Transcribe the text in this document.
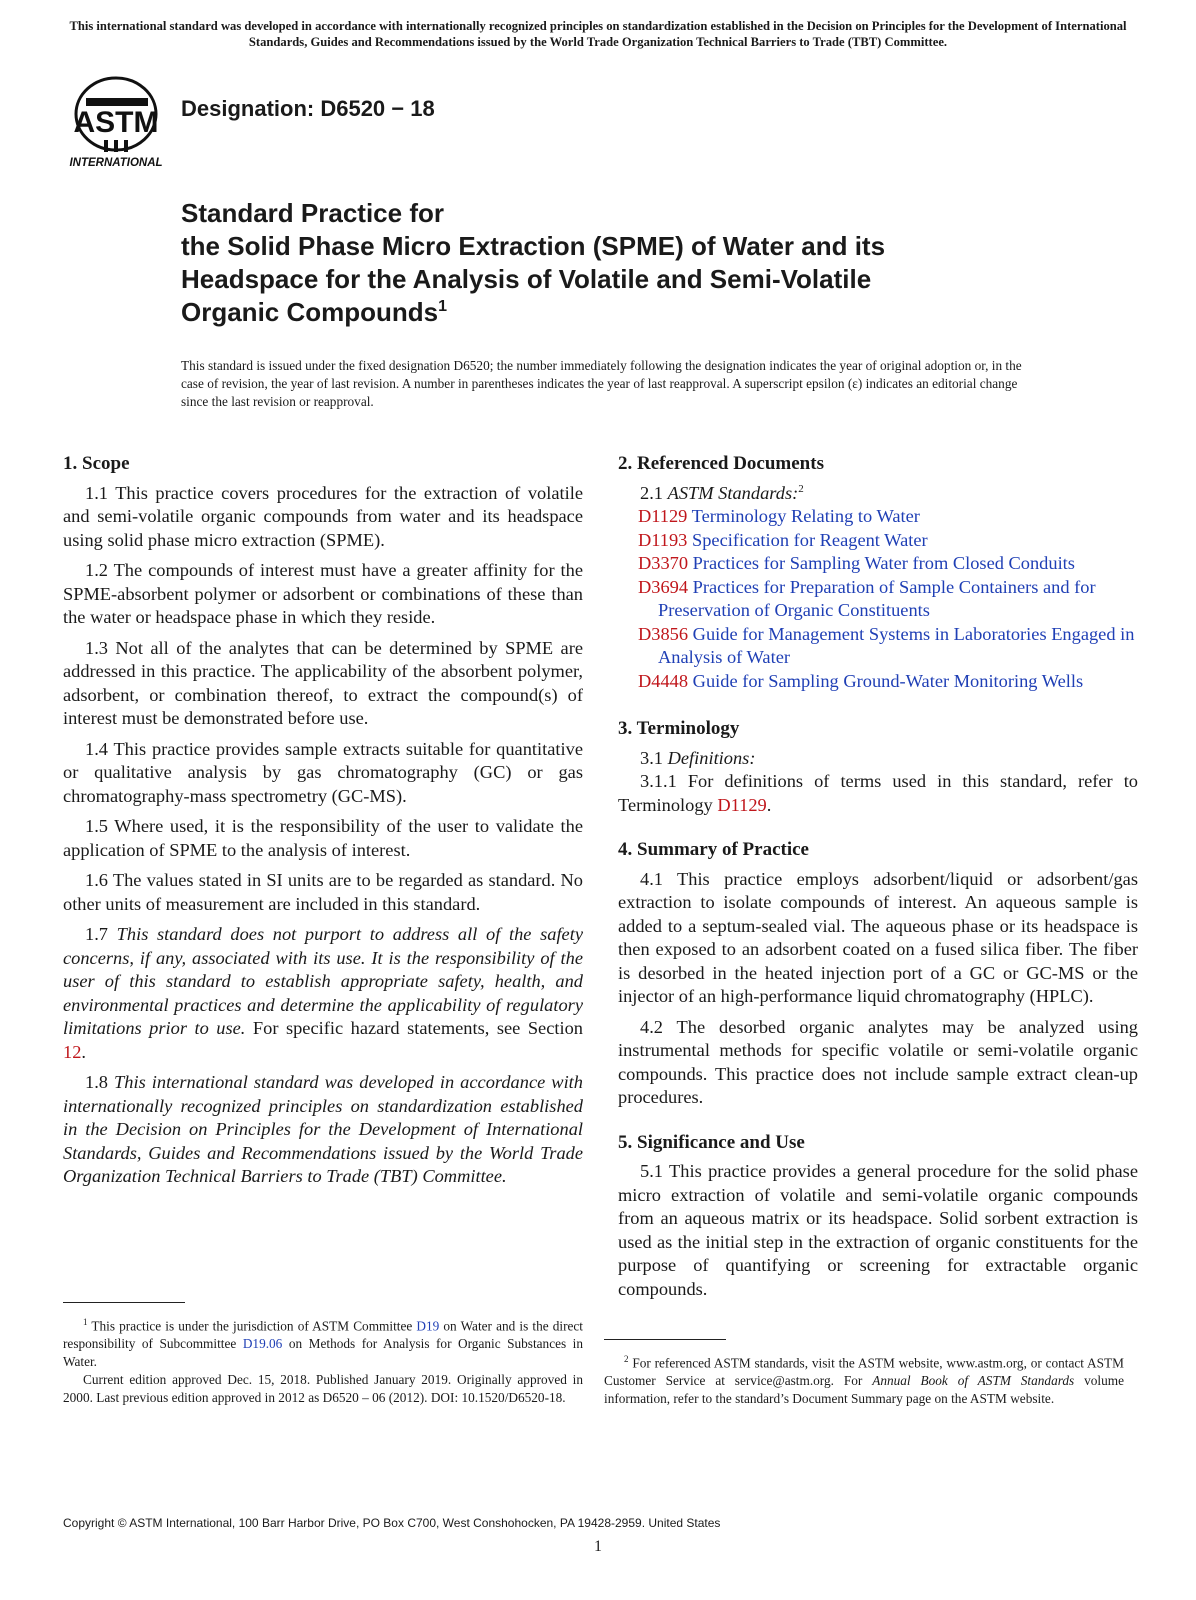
This international standard was developed in accordance with internationally recognized principles on standardization established in the Decision on Principles for the Development of International Standards, Guides and Recommendations issued by the World Trade Organization Technical Barriers to Trade (TBT) Committee.
ASTM
INTERNATIONAL
Designation: D6520 − 18
Standard Practice for
the Solid Phase Micro Extraction (SPME) of Water and its
Headspace for the Analysis of Volatile and Semi-Volatile
Organic Compounds$^1$
This standard is issued under the fixed designation D6520; the number immediately following the designation indicates the year of original adoption or, in the case of revision, the year of last revision. A number in parentheses indicates the year of last reapproval. A superscript epsilon (ε) indicates an editorial change since the last revision or reapproval.
1. Scope

1.1 This practice covers procedures for the extraction of volatile and semi-volatile organic compounds from water and its headspace using solid phase micro extraction (SPME).

1.2 The compounds of interest must have a greater affinity for the SPME-absorbent polymer or adsorbent or combinations of these than the water or headspace phase in which they reside.

1.3 Not all of the analytes that can be determined by SPME are addressed in this practice. The applicability of the absorbent polymer, adsorbent, or combination thereof, to extract the compound(s) of interest must be demonstrated before use.

1.4 This practice provides sample extracts suitable for quantitative or qualitative analysis by gas chromatography (GC) or gas chromatography-mass spectrometry (GC-MS).

1.5 Where used, it is the responsibility of the user to validate the application of SPME to the analysis of interest.

1.6 The values stated in SI units are to be regarded as standard. No other units of measurement are included in this standard.

1.7 This standard does not purport to address all of the safety concerns, if any, associated with its use. It is the responsibility of the user of this standard to establish appropriate safety, health, and environmental practices and determine the applicability of regulatory limitations prior to use. For specific hazard statements, see Section 12.

1.8 This international standard was developed in accordance with internationally recognized principles on standardization established in the Decision on Principles for the Development of International Standards, Guides and Recommendations issued by the World Trade Organization Technical Barriers to Trade (TBT) Committee.

$^1$ This practice is under the jurisdiction of ASTM Committee D19 on Water and is the direct responsibility of Subcommittee D19.06 on Methods for Analysis for Organic Substances in Water.

Current edition approved Dec. 15, 2018. Published January 2019. Originally approved in 2000. Last previous edition approved in 2012 as D6520 – 06 (2012). DOI: 10.1520/D6520-18.

2. Referenced Documents

2.1 ASTM Standards:$^2$

D1129 Terminology Relating to Water
D1193 Specification for Reagent Water
D3370 Practices for Sampling Water from Closed Conduits
D3694 Practices for Preparation of Sample Containers and for Preservation of Organic Constituents
D3856 Guide for Management Systems in Laboratories Engaged in Analysis of Water
D4448 Guide for Sampling Ground-Water Monitoring Wells
3. Terminology

3.1 Definitions:

3.1.1 For definitions of terms used in this standard, refer to Terminology D1129.

4. Summary of Practice

4.1 This practice employs adsorbent/liquid or adsorbent/gas extraction to isolate compounds of interest. An aqueous sample is added to a septum-sealed vial. The aqueous phase or its headspace is then exposed to an adsorbent coated on a fused silica fiber. The fiber is desorbed in the heated injection port of a GC or GC-MS or the injector of an high-performance liquid chromatography (HPLC).

4.2 The desorbed organic analytes may be analyzed using instrumental methods for specific volatile or semi-volatile organic compounds. This practice does not include sample extract clean-up procedures.

5. Significance and Use

5.1 This practice provides a general procedure for the solid phase micro extraction of volatile and semi-volatile organic compounds from an aqueous matrix or its headspace. Solid sorbent extraction is used as the initial step in the extraction of organic constituents for the purpose of quantifying or screening for extractable organic compounds.

$^2$ For referenced ASTM standards, visit the ASTM website, www.astm.org, or contact ASTM Customer Service at service@astm.org. For Annual Book of ASTM Standards volume information, refer to the standard’s Document Summary page on the ASTM website.

Copyright © ASTM International, 100 Barr Harbor Drive, PO Box C700, West Conshohocken, PA 19428-2959. United States
1
